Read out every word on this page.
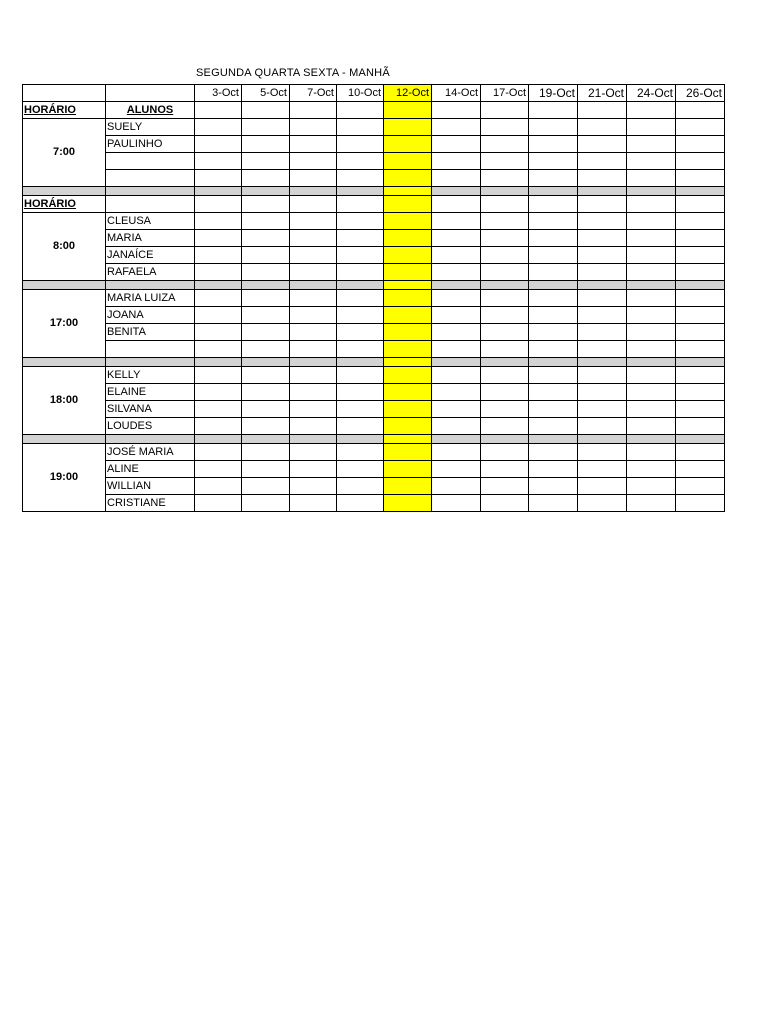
SEGUNDA QUARTA SEXTA - MANHÃ
		3-Oct	5-Oct	7-Oct	10-Oct	12-Oct	14-Oct	17-Oct	19-Oct	21-Oct	24-Oct	26-Oct
HORÁRIO	ALUNOS											
7:00	SUELY											
	PAULINHO											

HORÁRIO												
8:00	CLEUSA											
	MARIA											
	JANAÍCE											
	RAFAELA											

17:00	MARIA LUIZA											
	JOANA											
	BENITA											

18:00	KELLY											
	ELAINE											
	SILVANA											
	LOUDES											

19:00	JOSÉ MARIA											
	ALINE											
	WILLIAN											
	CRISTIANE											
